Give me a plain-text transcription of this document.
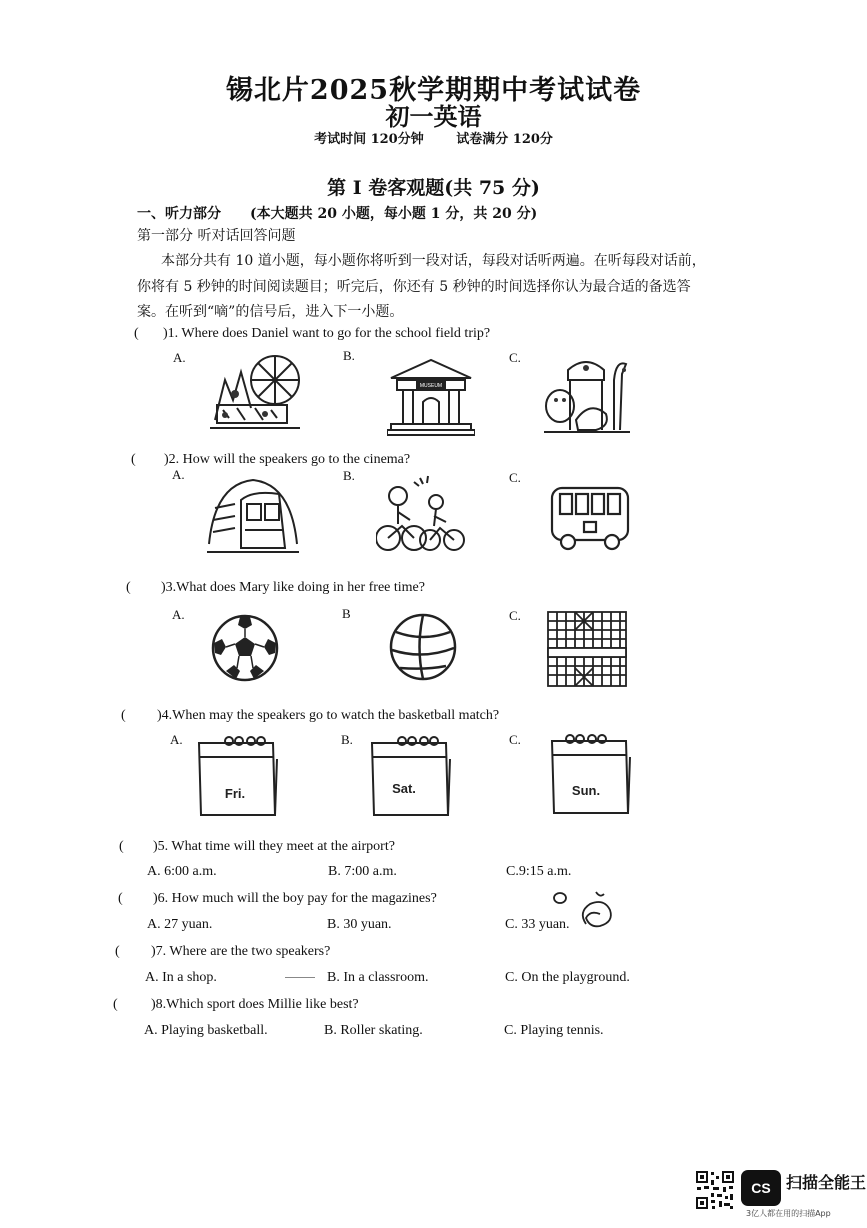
锡北片2025秋学期期中考试试卷
初一英语
考试时间 120分钟	试卷满分 120分
第 I 卷客观题(共 75 分)
一、听力部分 (本大题共 20 小题，每小题 1 分，共 20 分)
第一部分 听对话回答问题
本部分共有 10 道小题，每小题你将听到一段对话，每段对话听两遍。在听每段对话前，
你将有 5 秒钟的时间阅读题目；听完后，你还有 5 秒钟的时间选择你认为最合适的备选答
案。在听到“嘀”的信号后，进入下一小题。
( )1. Where does Daniel want to go for the school field trip?
A.	B.	C.
MUSEUM
( )2. How will the speakers go to the cinema?
A.	B.	C.
( )3.What does Mary like doing in her free time?
A.	B	C.
( )4.When may the speakers go to watch the basketball match?
A.	B.	C.
Fri.	Sat.	Sun.
( )5. What time will they meet at the airport?
A. 6:00 a.m.	B. 7:00 a.m.	C.9:15 a.m.
( )6. How much will the boy pay for the magazines?
A. 27 yuan.	B. 30 yuan.	C. 33 yuan.
( )7. Where are the two speakers?
A. In a shop.	B. In a classroom.	C. On the playground.
( )8.Which sport does Millie like best?
A. Playing basketball.	B. Roller skating.	C. Playing tennis.
CS 扫描全能王
3亿人都在用的扫描App
